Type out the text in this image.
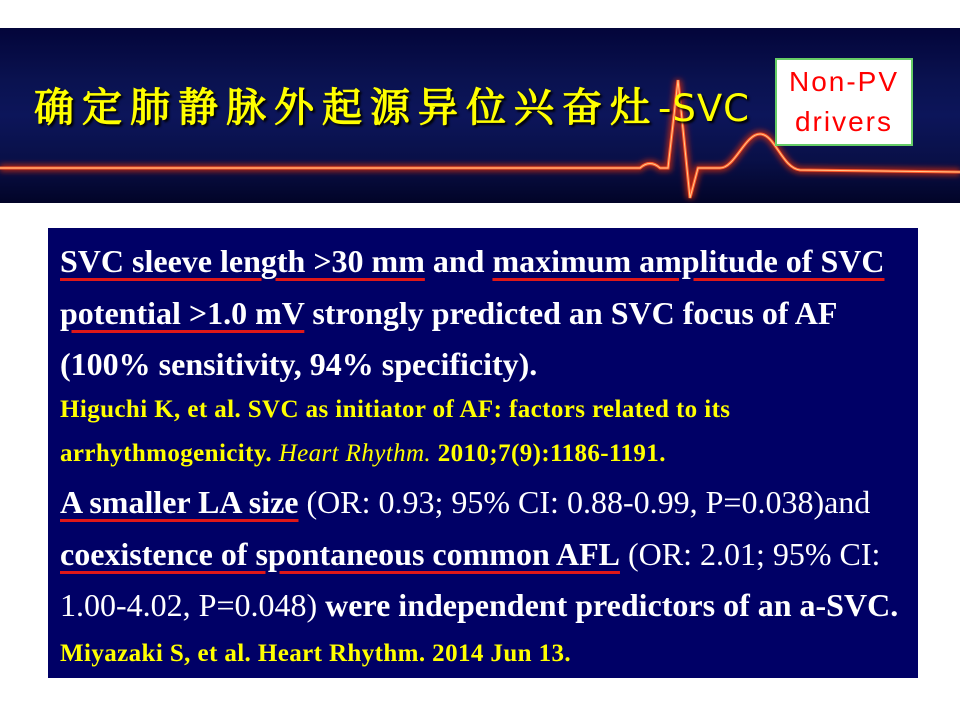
确定肺静脉外起源异位兴奋灶-SVC
Non-PV
drivers
SVC sleeve length >30 mm and maximum amplitude of SVC
potential >1.0 mV strongly predicted an SVC focus of AF
(100% sensitivity, 94% specificity).
Higuchi K, et al. SVC as initiator of AF: factors related to its
arrhythmogenicity. Heart Rhythm. 2010;7(9):1186-1191.
A smaller LA size (OR: 0.93; 95% CI: 0.88-0.99, P=0.038)and
coexistence of spontaneous common AFL (OR: 2.01; 95% CI:
1.00-4.02, P=0.048) were independent predictors of an a-SVC.
Miyazaki S, et al. Heart Rhythm. 2014 Jun 13.
